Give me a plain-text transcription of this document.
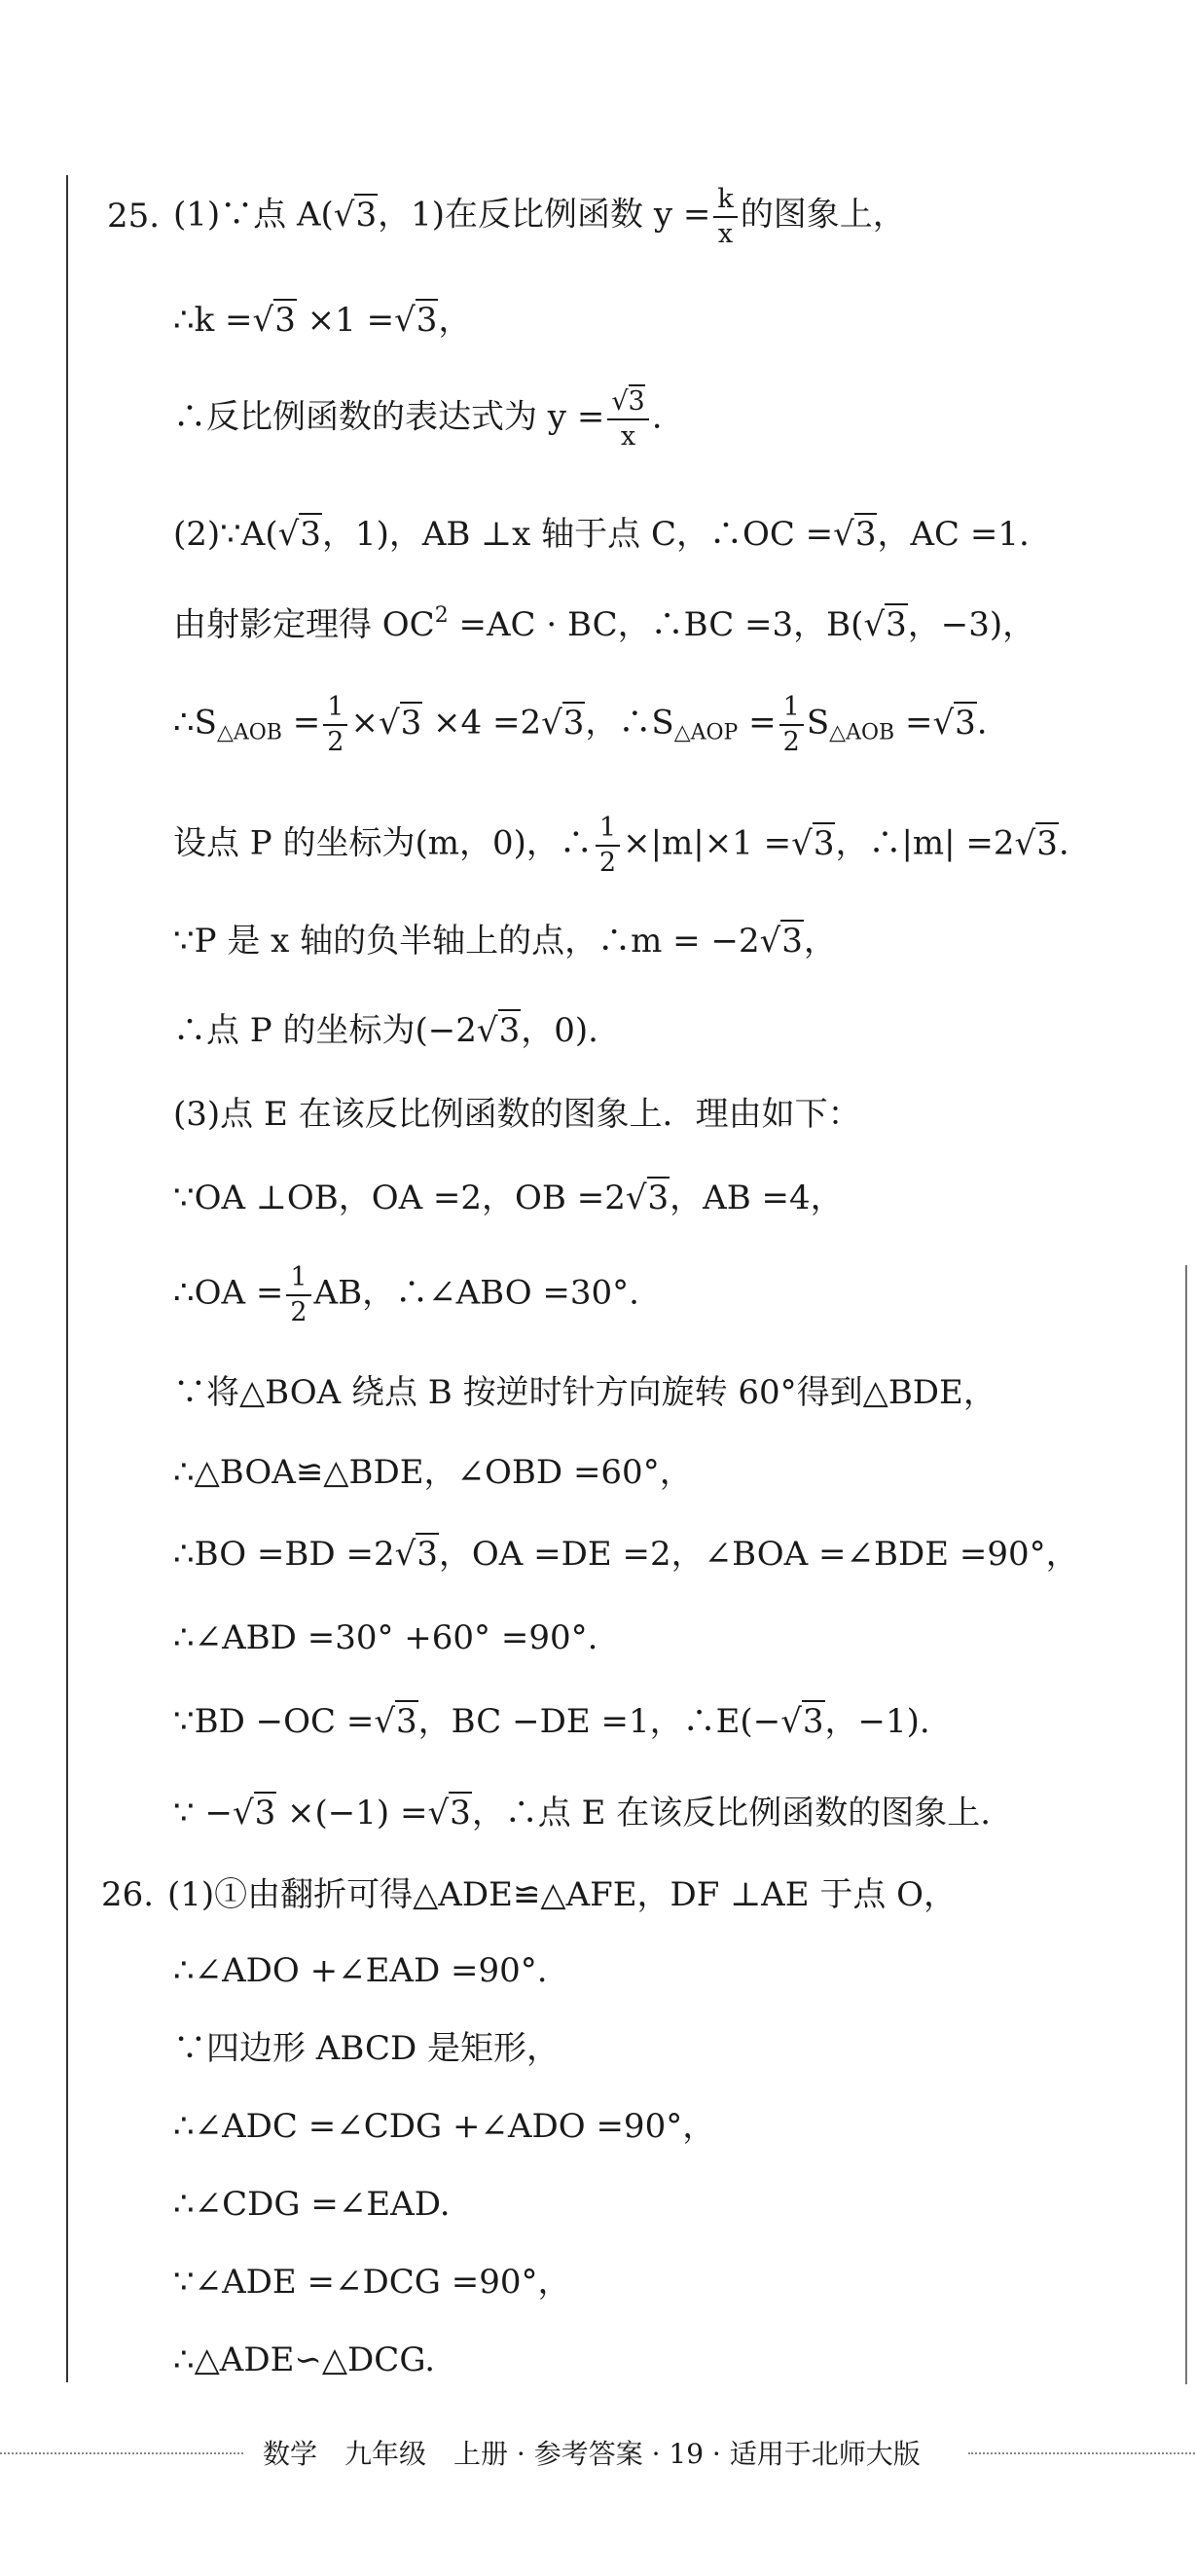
25. (1)∵点 A(√3，1)在反比例函数 $y = \frac{k}{x}$ 的图象上，
∴k =√3 ×1 =√3，
∴反比例函数的表达式为 $y = \frac{√3}{x}$ .
(2)∵A(√3，1)，AB ⊥x 轴于点 C，∴OC =√3，AC =1.
由射影定理得 $OC^2 =AC$ · BC，∴BC =3，B(√3，−3)，
$\therefore S_{\triangle AOB} = \frac{1}{2} \times√3 \times 4 =2√3$，$\therefore S_{\triangle AOP} = \frac{1}{2} S_{\triangle AOB} =√3$.
设点 P 的坐标为(m，0)，∴ $\frac{1}{2} \times|m|\times 1 =√3$，∴|m| =2√3.
∵P 是 x 轴的负半轴上的点，∴m = −2√3，
∴点 P 的坐标为(−2√3，0).
(3)点 E 在该反比例函数的图象上．理由如下：
∵OA ⊥OB，OA =2，OB =2√3，AB =4，
∴OA = $\frac{1}{2}$ AB，∴∠ABO =30°.
∵将△BOA 绕点 B 按逆时针方向旋转 60°得到△BDE，
∴△BOA≌△BDE，∠OBD =60°，
∴BO =BD =2√3，OA =DE =2，∠BOA =∠BDE =90°，
∴∠ABD =30° +60° =90°.
∵BD −OC =√3，BC −DE =1，∴E(−√3，−1).
∵ −√3 ×(−1) =√3，∴点 E 在该反比例函数的图象上.
26. (1)①由翻折可得△ADE≌△AFE，DF ⊥AE 于点 O，
∴∠ADO +∠EAD =90°.
∵四边形 ABCD 是矩形，
∴∠ADC =∠CDG +∠ADO =90°，
∴∠CDG =∠EAD.
∵∠ADE =∠DCG =90°，
∴△ADE∽△DCG.
数学　九年级　上册 · 参考答案 · 19 · 适用于北师大版
